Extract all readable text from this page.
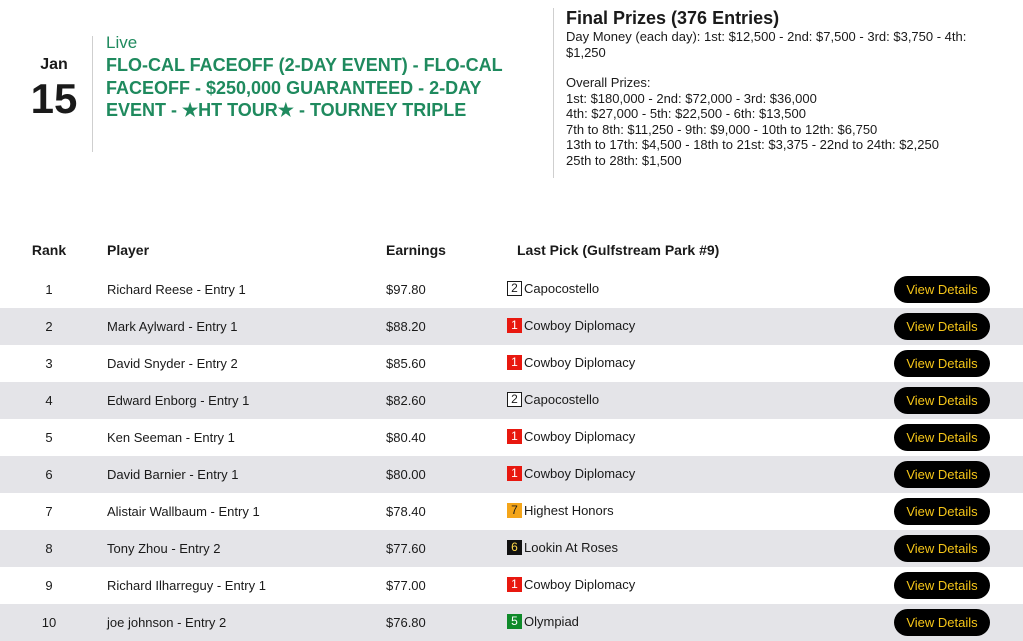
Jan
15
Live
FLO-CAL FACEOFF (2-DAY EVENT) - FLO-CAL FACEOFF - $250,000 GUARANTEED - 2-DAY EVENT - ★HT TOUR★ - TOURNEY TRIPLE
Final Prizes (376 Entries)
Day Money (each day): 1st: $12,500 - 2nd: $7,500 - 3rd: $3,750 - 4th: $1,250
Overall Prizes:
1st: $180,000 - 2nd: $72,000 - 3rd: $36,000
4th: $27,000 - 5th: $22,500 - 6th: $13,500
7th to 8th: $11,250 - 9th: $9,000 - 10th to 12th: $6,750
13th to 17th: $4,500 - 18th to 21st: $3,375 - 22nd to 24th: $2,250
25th to 28th: $1,500
Rank	Player	Earnings	Last Pick (Gulfstream Park #9)
1	Richard Reese - Entry 1	$97.80	2 Capocostello	View Details
2	Mark Aylward - Entry 1	$88.20	1 Cowboy Diplomacy	View Details
3	David Snyder - Entry 2	$85.60	1 Cowboy Diplomacy	View Details
4	Edward Enborg - Entry 1	$82.60	2 Capocostello	View Details
5	Ken Seeman - Entry 1	$80.40	1 Cowboy Diplomacy	View Details
6	David Barnier - Entry 1	$80.00	1 Cowboy Diplomacy	View Details
7	Alistair Wallbaum - Entry 1	$78.40	7 Highest Honors	View Details
8	Tony Zhou - Entry 2	$77.60	6 Lookin At Roses	View Details
9	Richard Ilharreguy - Entry 1	$77.00	1 Cowboy Diplomacy	View Details
10	joe johnson - Entry 2	$76.80	5 Olympiad	View Details
